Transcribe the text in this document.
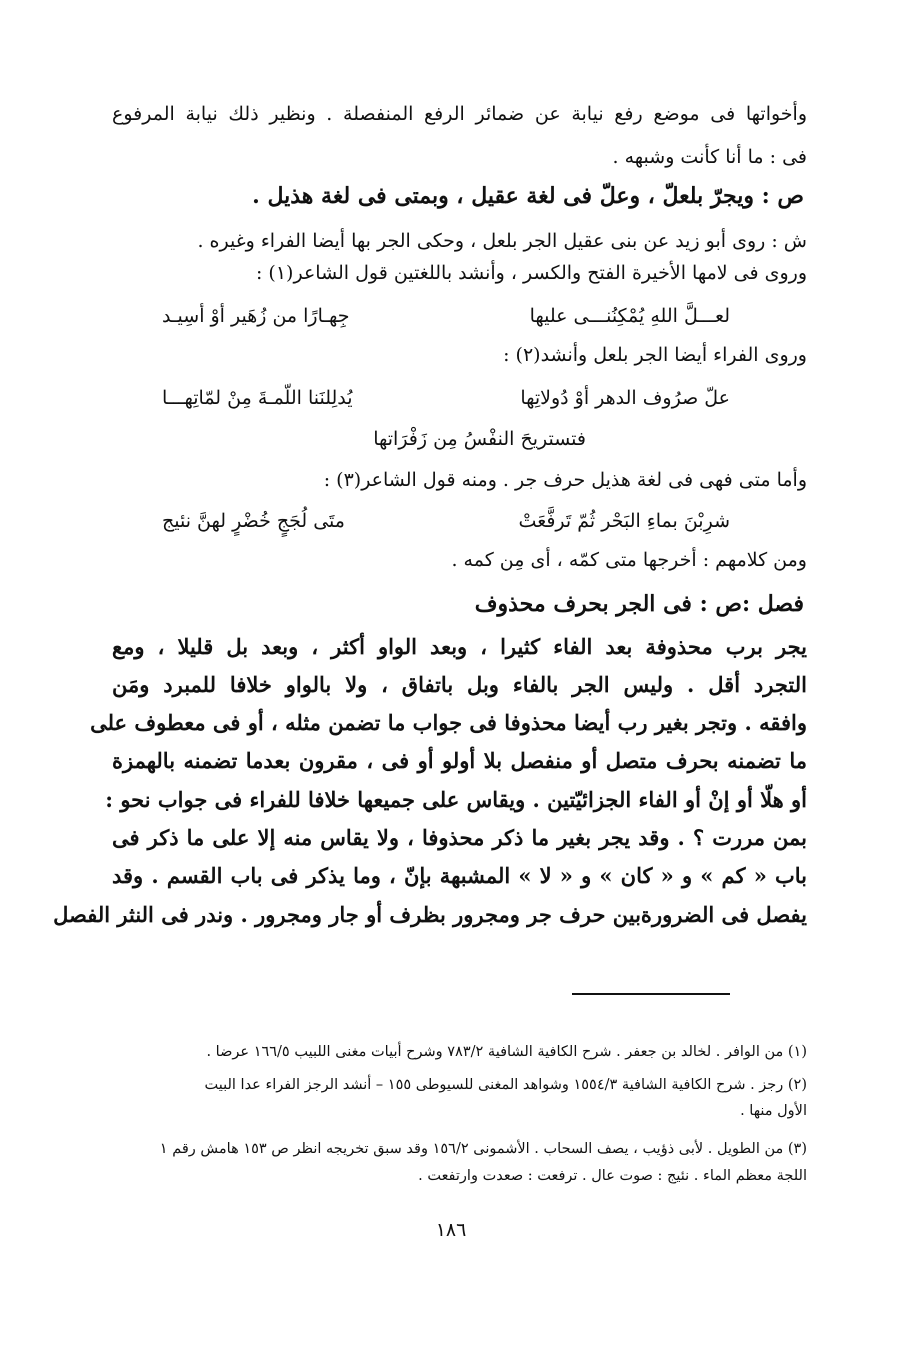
وأخواتها فى موضع رفع نيابة عن ضمائر الرفع المنفصلة . ونظير ذلك نيابة المرفوع
فى : ما أنا كأنت وشبهه .
ص : ويجرّ بلعلّ ، وعلّ فى لغة عقيل ، وبمتى فى لغة هذيل .
ش : روى أبو زيد عن بنى عقيل الجر بلعل ، وحكى الجر بها أيضا الفراء وغيره .
وروى فى لامها الأخيرة الفتح والكسر ، وأنشد باللغتين قول الشاعر(١) :
لعـــلَّ اللهِ يُمْكِنُنـــى عليها
جِهـارًا من زُهَير أوْ أسِيـد
وروى الفراء أيضا الجر بلعل وأنشد(٢) :
علّ صرُوف الدهر أوْ دُولاتِها
يُدلِلنَنا اللّمـةَ مِنْ لمّاتِهـــا
فتستريحَ النفْسُ مِن زَفْرَاتها
وأما متى فهى فى لغة هذيل حرف جر . ومنه قول الشاعر(٣) :
شرِبْنَ بماءِ البَحْر ثُمّ تَرفَّعَتْ
متَى لُجَجٍ خُضْرٍ لهنَّ نئيج
ومن كلامهم : أخرجها متى كمّه ، أى مِن كمه .
فصل :ص : فى الجر بحرف محذوف
يجر برب محذوفة بعد الفاء كثيرا ، وبعد الواو أكثر ، وبعد بل قليلا ، ومع
التجرد أقل . وليس الجر بالفاء وبل باتفاق ، ولا بالواو خلافا للمبرد ومَن
وافقه . وتجر بغير رب أيضا محذوفا فى جواب ما تضمن مثله ، أو فى معطوف على
ما تضمنه بحرف متصل أو منفصل بلا أولو أو فى ، مقرون بعدما تضمنه بالهمزة
أو هلّا أو إنْ أو الفاء الجزائيّتين . ويقاس على جميعها خلافا للفراء فى جواب نحو :
بمن مررت ؟ . وقد يجر بغير ما ذكر محذوفا ، ولا يقاس منه إلا على ما ذكر فى
باب « كم » و « كان » و « لا » المشبهة بإنّ ، وما يذكر فى باب القسم . وقد
يفصل فى الضرورةبين حرف جر ومجرور بظرف أو جار ومجرور . وندر فى النثر الفصل
(١) من الوافر . لخالد بن جعفر . شرح الكافية الشافية ٧٨٣/٢ وشرح أبيات مغنى اللبيب ١٦٦/٥ عرضا .
(٢) رجز . شرح الكافية الشافية ١٥٥٤/٣ وشواهد المغنى للسيوطى ١٥٥ – أنشد الرجز الفراء عدا البيت
الأول منها .
(٣) من الطويل . لأبى ذؤيب ، يصف السحاب . الأشمونى ١٥٦/٢ وقد سبق تخريجه انظر ص ١٥٣ هامش رقم ١
اللجة معظم الماء . نئيج : صوت عال . ترفعت : صعدت وارتفعت .
١٨٦
